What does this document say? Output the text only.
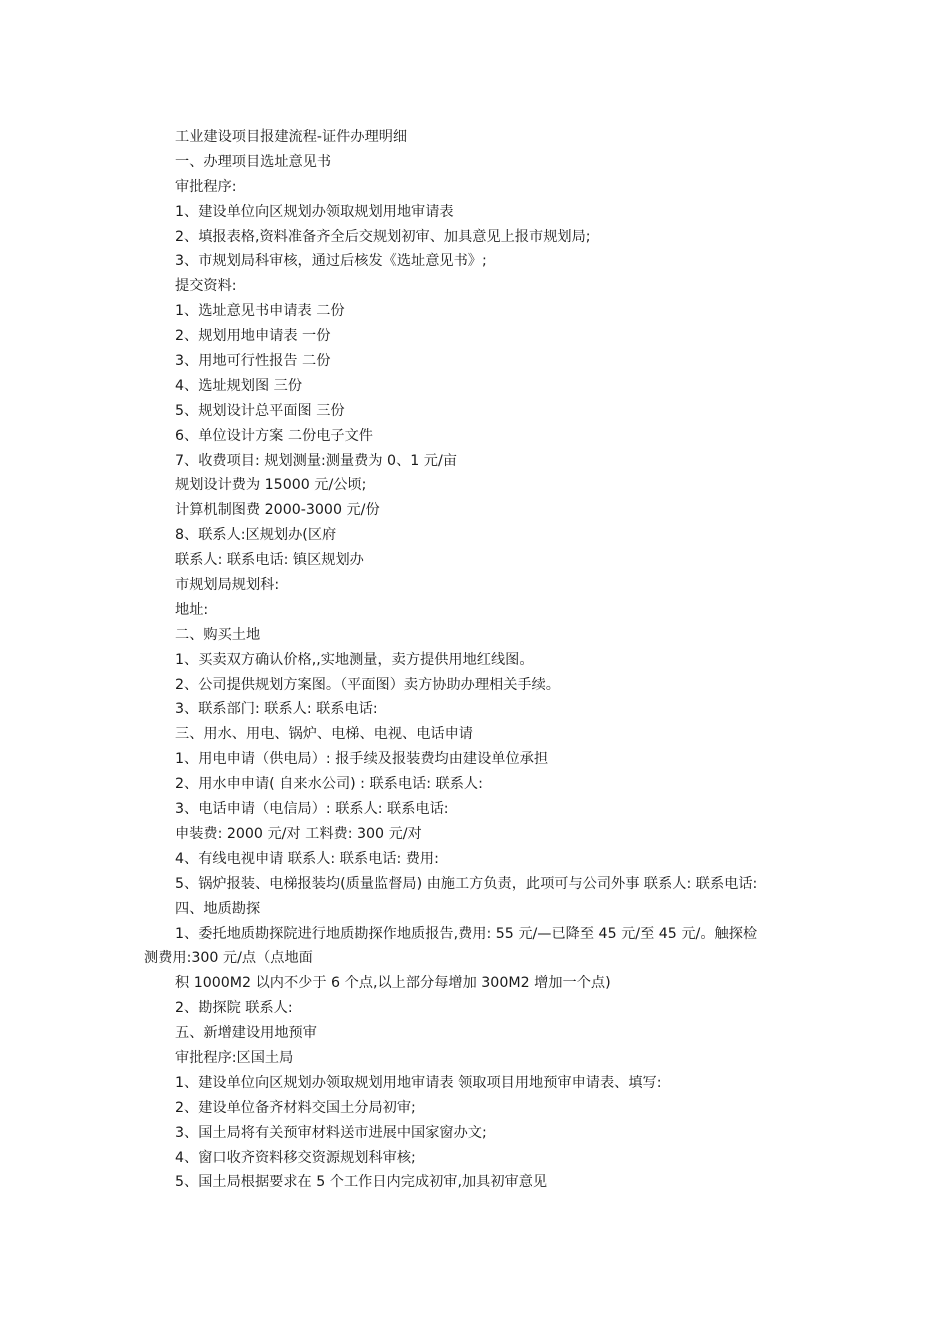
工业建设项目报建流程-证件办理明细
一、办理项目选址意见书
审批程序:
1、建设单位向区规划办领取规划用地审请表
2、填报表格,资料准备齐全后交规划初审、加具意见上报市规划局;
3、市规划局科审核，通过后核发《选址意见书》;
提交资料:
1、选址意见书申请表 二份
2、规划用地申请表 一份
3、用地可行性报告 二份
4、选址规划图 三份
5、规划设计总平面图 三份
6、单位设计方案 二份电子文件
7、收费项目: 规划测量:测量费为 0、1 元/亩
规划设计费为 15000 元/公顷;
计算机制图费 2000-3000 元/份
8、联系人:区规划办(区府
联系人: 联系电话: 镇区规划办
市规划局规划科:
地址:
二、购买土地
1、买卖双方确认价格,,实地测量，卖方提供用地红线图。
2、公司提供规划方案图。（平面图）卖方协助办理相关手续。
3、联系部门: 联系人: 联系电话:
三、用水、用电、锅炉、电梯、电视、电话申请
1、用电申请（供电局）: 报手续及报装费均由建设单位承担
2、用水申申请( 自来水公司) : 联系电话: 联系人:
3、电话申请（电信局）: 联系人: 联系电话:
申装费: 2000 元/对 工料费: 300 元/对
4、有线电视申请 联系人: 联系电话: 费用:
5、锅炉报装、电梯报装均(质量监督局) 由施工方负责，此项可与公司外事 联系人: 联系电话:
四、地质勘探
1、委托地质勘探院进行地质勘探作地质报告,费用: 55 元/—已降至 45 元/至 45 元/。触探检
测费用:300 元/点（点地面
积 1000M2 以内不少于 6 个点,以上部分每增加 300M2 增加一个点)
2、勘探院 联系人:
五、新增建设用地预审
审批程序:区国土局
1、建设单位向区规划办领取规划用地审请表 领取项目用地预审申请表、填写:
2、建设单位备齐材料交国土分局初审;
3、国土局将有关预审材料送市进展中国家窗办文;
4、窗口收齐资料移交资源规划科审核;
5、国土局根据要求在 5 个工作日内完成初审,加具初审意见
